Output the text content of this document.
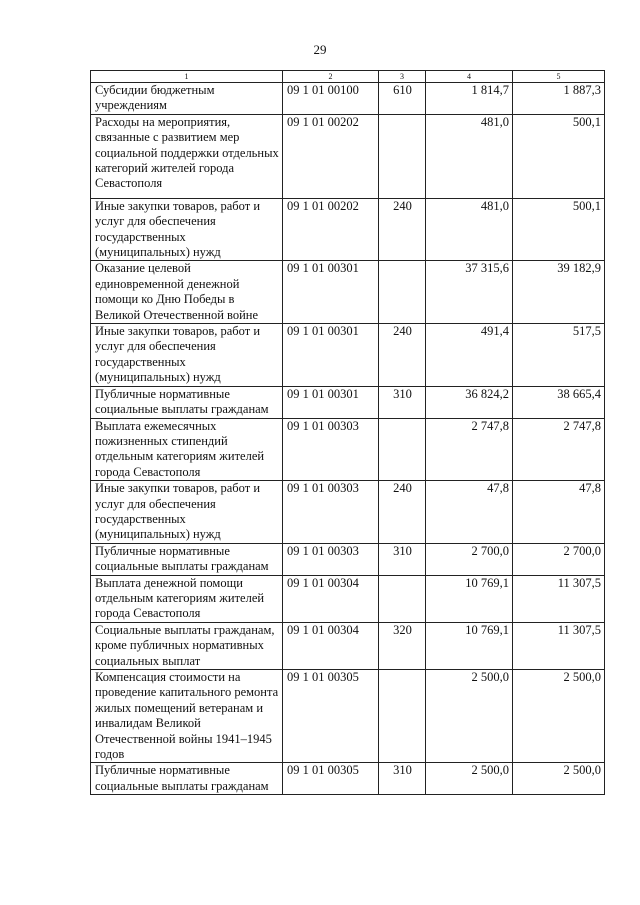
29
1	2	3	4	5
Субсидии бюджетным учреждениям	09 1 01 00100	610	1 814,7	1 887,3
Расходы на мероприятия, связанные с развитием мер социальной поддержки отдельных категорий жителей города Севастополя	09 1 01 00202		481,0	500,1
Иные закупки товаров, работ и услуг для обеспечения государственных (муниципальных) нужд	09 1 01 00202	240	481,0	500,1
Оказание целевой единовременной денежной помощи ко Дню Победы в Великой Отечественной войне	09 1 01 00301		37 315,6	39 182,9
Иные закупки товаров, работ и услуг для обеспечения государственных (муниципальных) нужд	09 1 01 00301	240	491,4	517,5
Публичные нормативные социальные выплаты гражданам	09 1 01 00301	310	36 824,2	38 665,4
Выплата ежемесячных пожизненных стипендий отдельным категориям жителей города Севастополя	09 1 01 00303		2 747,8	2 747,8
Иные закупки товаров, работ и услуг для обеспечения государственных (муниципальных) нужд	09 1 01 00303	240	47,8	47,8
Публичные нормативные социальные выплаты гражданам	09 1 01 00303	310	2 700,0	2 700,0
Выплата денежной помощи отдельным категориям жителей города Севастополя	09 1 01 00304		10 769,1	11 307,5
Социальные выплаты гражданам, кроме публичных нормативных социальных выплат	09 1 01 00304	320	10 769,1	11 307,5
Компенсация стоимости на проведение капитального ремонта жилых помещений ветеранам и инвалидам Великой Отечественной войны 1941–1945 годов	09 1 01 00305		2 500,0	2 500,0
Публичные нормативные социальные выплаты гражданам	09 1 01 00305	310	2 500,0	2 500,0
